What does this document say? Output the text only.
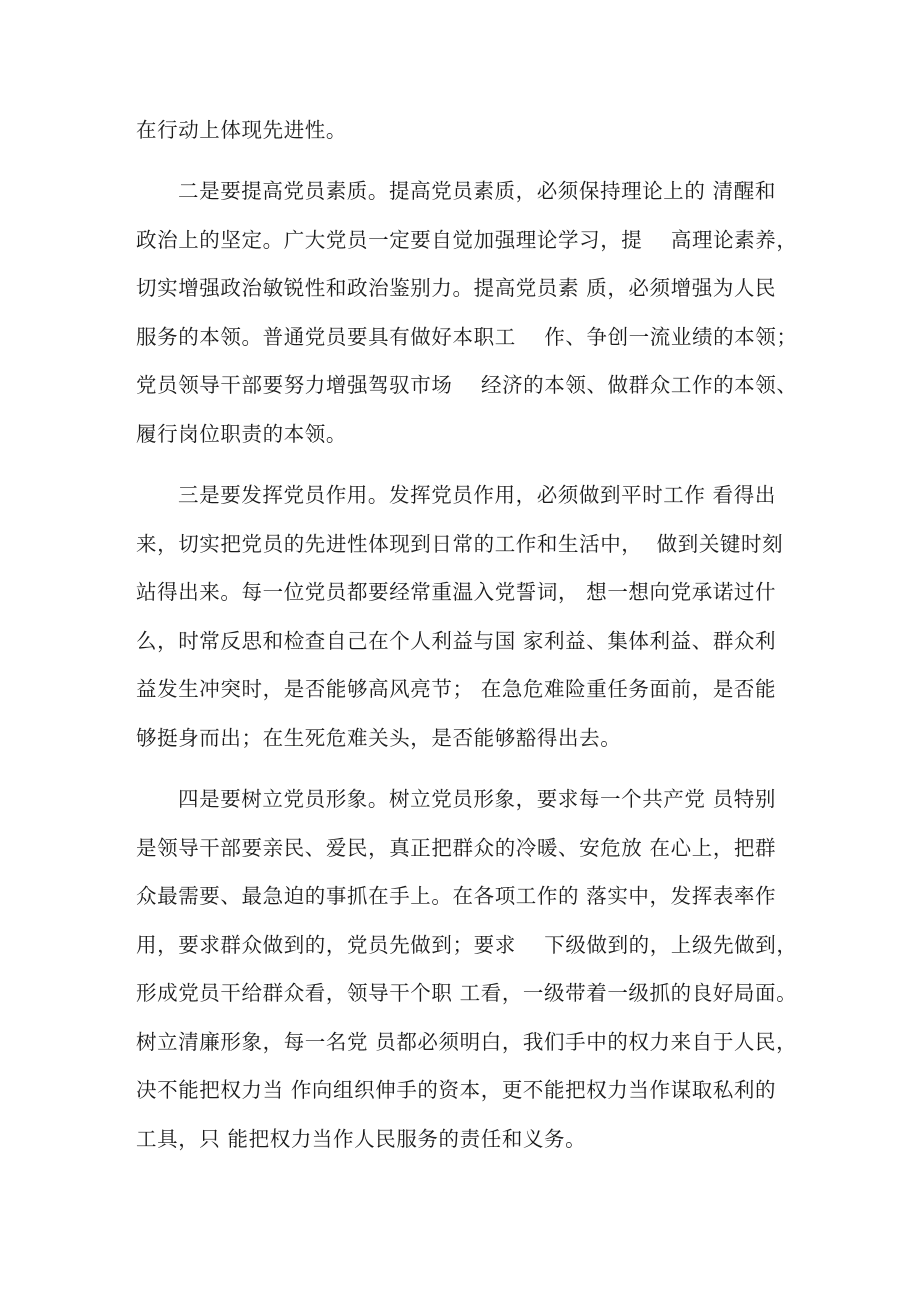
在行动上体现先进性。
二是要提高党员素质。提高党员素质，必须保持理论上的 清醒和
政治上的坚定。广大党员一定要自觉加强理论学习，提    高理论素养，
切实增强政治敏锐性和政治鉴别力。提高党员素 质，必须增强为人民
服务的本领。普通党员要具有做好本职工    作、争创一流业绩的本领；
党员领导干部要努力增强驾驭市场    经济的本领、做群众工作的本领、
履行岗位职责的本领。
三是要发挥党员作用。发挥党员作用，必须做到平时工作 看得出
来，切实把党员的先进性体现到日常的工作和生活中，  做到关键时刻
站得出来。每一位党员都要经常重温入党誓词， 想一想向党承诺过什
么，时常反思和检查自己在个人利益与国 家利益、集体利益、群众利
益发生冲突时，是否能够高风亮节； 在急危难险重任务面前，是否能
够挺身而出；在生死危难关头，是否能够豁得出去。
四是要树立党员形象。树立党员形象，要求每一个共产党 员特别
是领导干部要亲民、爱民，真正把群众的冷暖、安危放 在心上，把群
众最需要、最急迫的事抓在手上。在各项工作的 落实中，发挥表率作
用，要求群众做到的，党员先做到；要求    下级做到的，上级先做到，
形成党员干给群众看，领导干个职 工看，一级带着一级抓的良好局面。
树立清廉形象，每一名党 员都必须明白，我们手中的权力来自于人民，
决不能把权力当 作向组织伸手的资本，更不能把权力当作谋取私利的
工具，只 能把权力当作人民服务的责任和义务。
